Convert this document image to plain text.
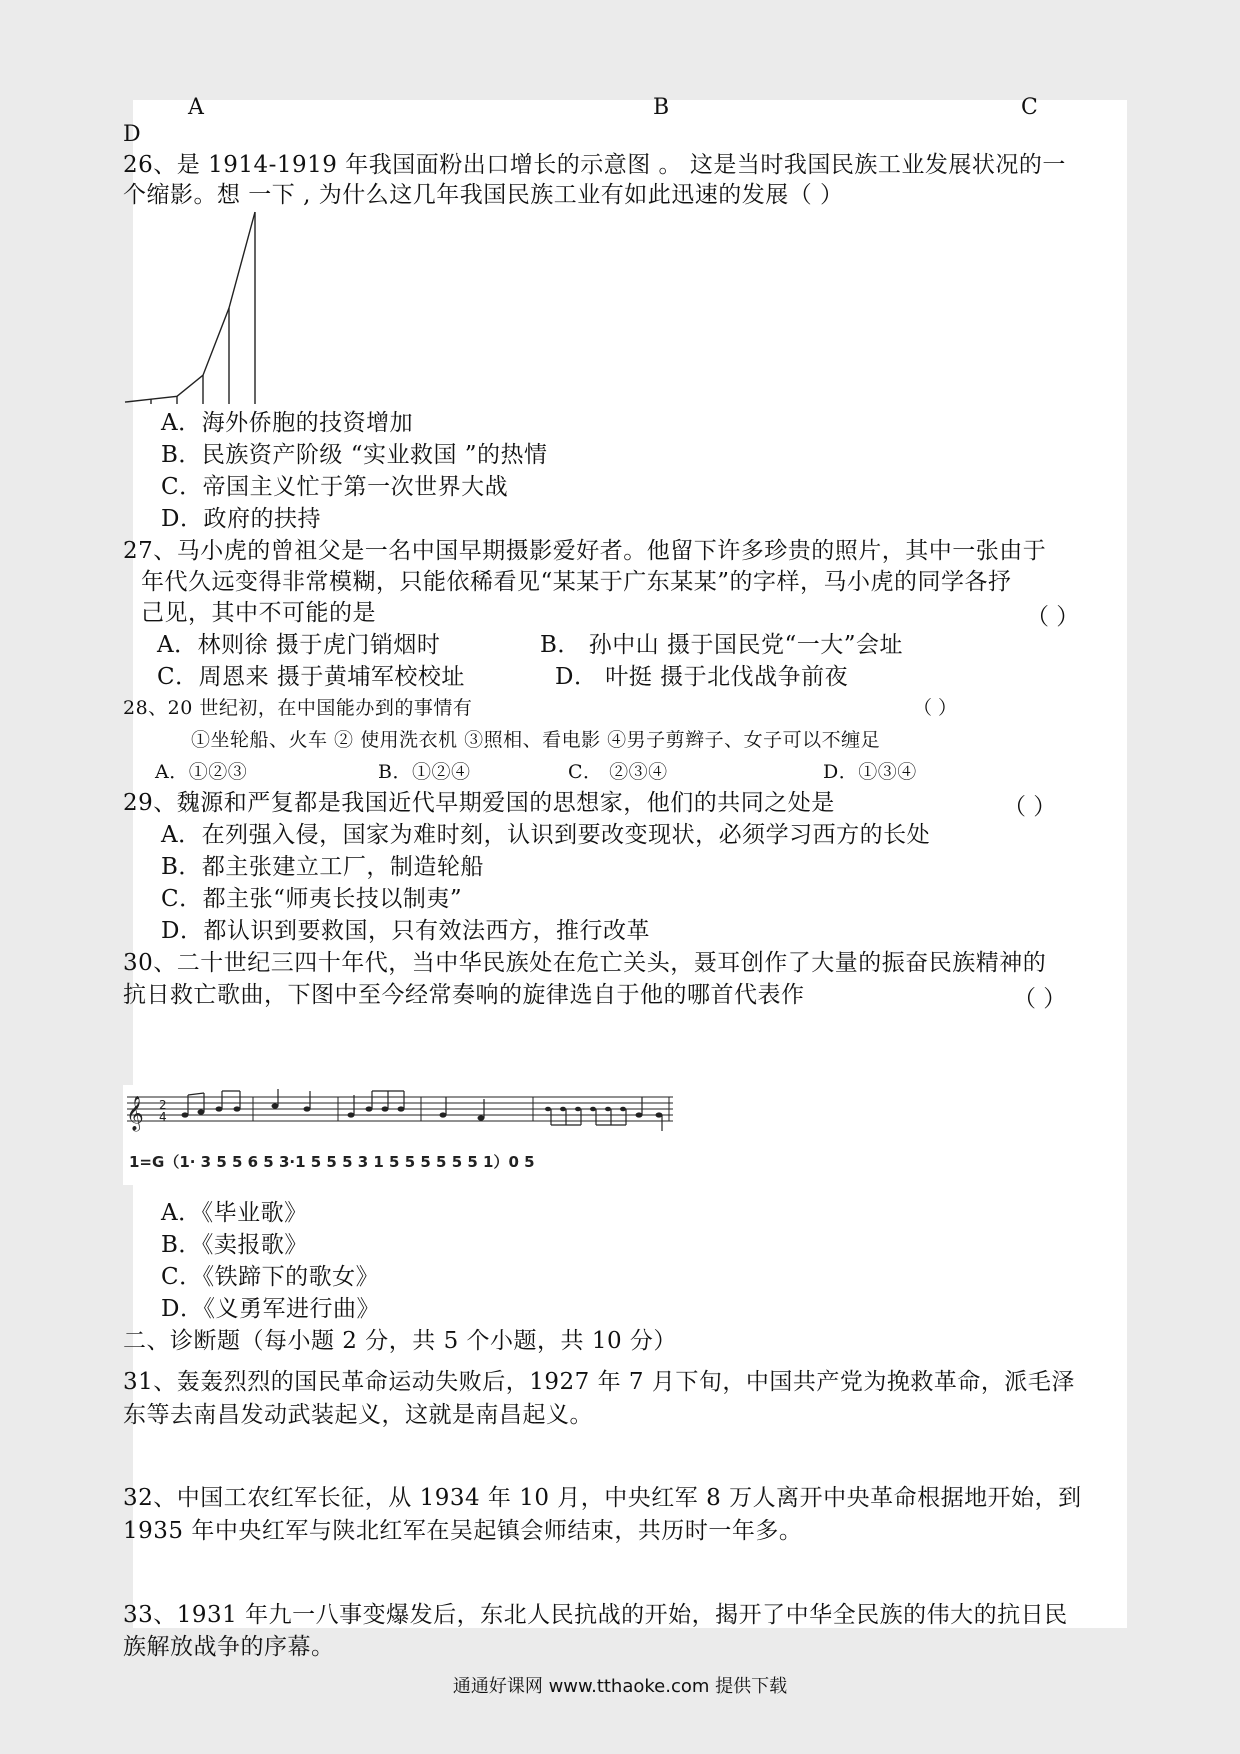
A	B	C
D
26、是 1914-1919 年我国面粉出口增长的示意图 。 这是当时我国民族工业发展状况的一
个缩影。想 一下 , 为什么这几年我国民族工业有如此迅速的发展（ ）
A．海外侨胞的技资增加
B．民族资产阶级 “实业救国 ”的热情
C．帝国主义忙于第一次世界大战
D．政府的扶持
27、马小虎的曾祖父是一名中国早期摄影爱好者。他留下许多珍贵的照片，其中一张由于
年代久远变得非常模糊，只能依稀看见“某某于广东某某”的字样，马小虎的同学各抒
己见，其中不可能的是	（ ）
A．林则徐 摄于虎门销烟时	B． 孙中山 摄于国民党“一大”会址
C．周恩来 摄于黄埔军校校址	D． 叶挺 摄于北伐战争前夜
28、20 世纪初，在中国能办到的事情有	（ ）
①坐轮船、火车 ② 使用洗衣机 ③照相、看电影 ④男子剪辫子、女子可以不缠足
A．①②③	B．①②④	C． ②③④	D．①③④
29、魏源和严复都是我国近代早期爱国的思想家，他们的共同之处是	（ ）
A．在列强入侵，国家为难时刻，认识到要改变现状，必须学习西方的长处
B．都主张建立工厂，制造轮船
C．都主张“师夷长技以制夷”
D．都认识到要救国，只有效法西方，推行改革
30、二十世纪三四十年代，当中华民族处在危亡关头，聂耳创作了大量的振奋民族精神的
抗日救亡歌曲，下图中至今经常奏响的旋律选自于他的哪首代表作	（ ）
𝄞 2
4
1=G（1· 3 5 5 6 5 3·1 5 5 5 3 1 5 5 5 5 5 5 1）0 5
A．《毕业歌》
B．《卖报歌》
C．《铁蹄下的歌女》
D．《义勇军进行曲》
二、诊断题（每小题 2 分，共 5 个小题，共 10 分）
31、轰轰烈烈的国民革命运动失败后，1927 年 7 月下旬，中国共产党为挽救革命，派毛泽
东等去南昌发动武装起义，这就是南昌起义。
32、中国工农红军长征，从 1934 年 10 月，中央红军 8 万人离开中央革命根据地开始，到
1935 年中央红军与陕北红军在吴起镇会师结束，共历时一年多。
33、1931 年九一八事变爆发后，东北人民抗战的开始，揭开了中华全民族的伟大的抗日民
族解放战争的序幕。
通通好课网 www.tthaoke.com 提供下载
